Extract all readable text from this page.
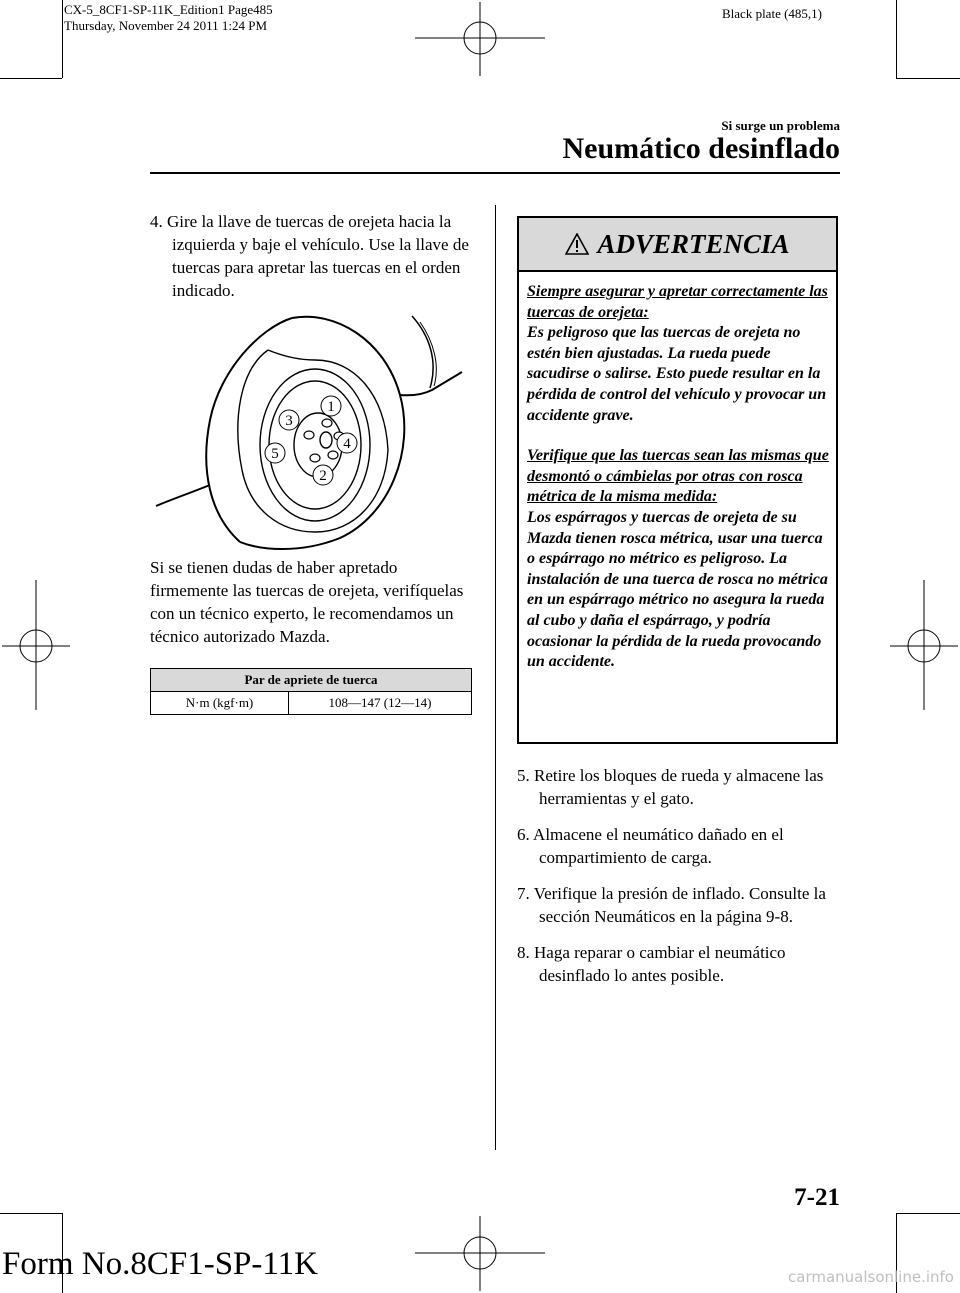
CX-5_8CF1-SP-11K_Edition1 Page485
Thursday, November 24 2011 1:24 PM
Black plate (485,1)
Si surge un problema
Neumático desinflado

4. Gire la llave de tuercas de orejeta hacia la izquierda y baje el vehículo. Use la llave de tuercas para apretar las tuercas en el orden indicado.

1
4
2
3
5

Si se tienen dudas de haber apretado firmemente las tuercas de orejeta, verifíquelas con un técnico experto, le recomendamos un técnico autorizado Mazda.

Par de apriete de tuerca
N·m (kgf·m)	108―147 (12―14)
ADVERTENCIA

Siempre asegurar y apretar correctamente las tuercas de orejeta:

Es peligroso que las tuercas de orejeta no estén bien ajustadas. La rueda puede sacudirse o salirse. Esto puede resultar en la pérdida de control del vehículo y provocar un accidente grave.

Verifique que las tuercas sean las mismas que desmontó o cámbielas por otras con rosca métrica de la misma medida:

Los espárragos y tuercas de orejeta de su Mazda tienen rosca métrica, usar una tuerca o espárrago no métrico es peligroso. La instalación de una tuerca de rosca no métrica en un espárrago métrico no asegura la rueda al cubo y daña el espárrago, y podría ocasionar la pérdida de la rueda provocando un accidente.

5. Retire los bloques de rueda y almacene las herramientas y el gato.

6. Almacene el neumático dañado en el compartimiento de carga.

7. Verifique la presión de inflado. Consulte la sección Neumáticos en la página 9-8.

8. Haga reparar o cambiar el neumático desinflado lo antes posible.

7-21
Form No.8CF1-SP-11K	carmanualsonline.info
